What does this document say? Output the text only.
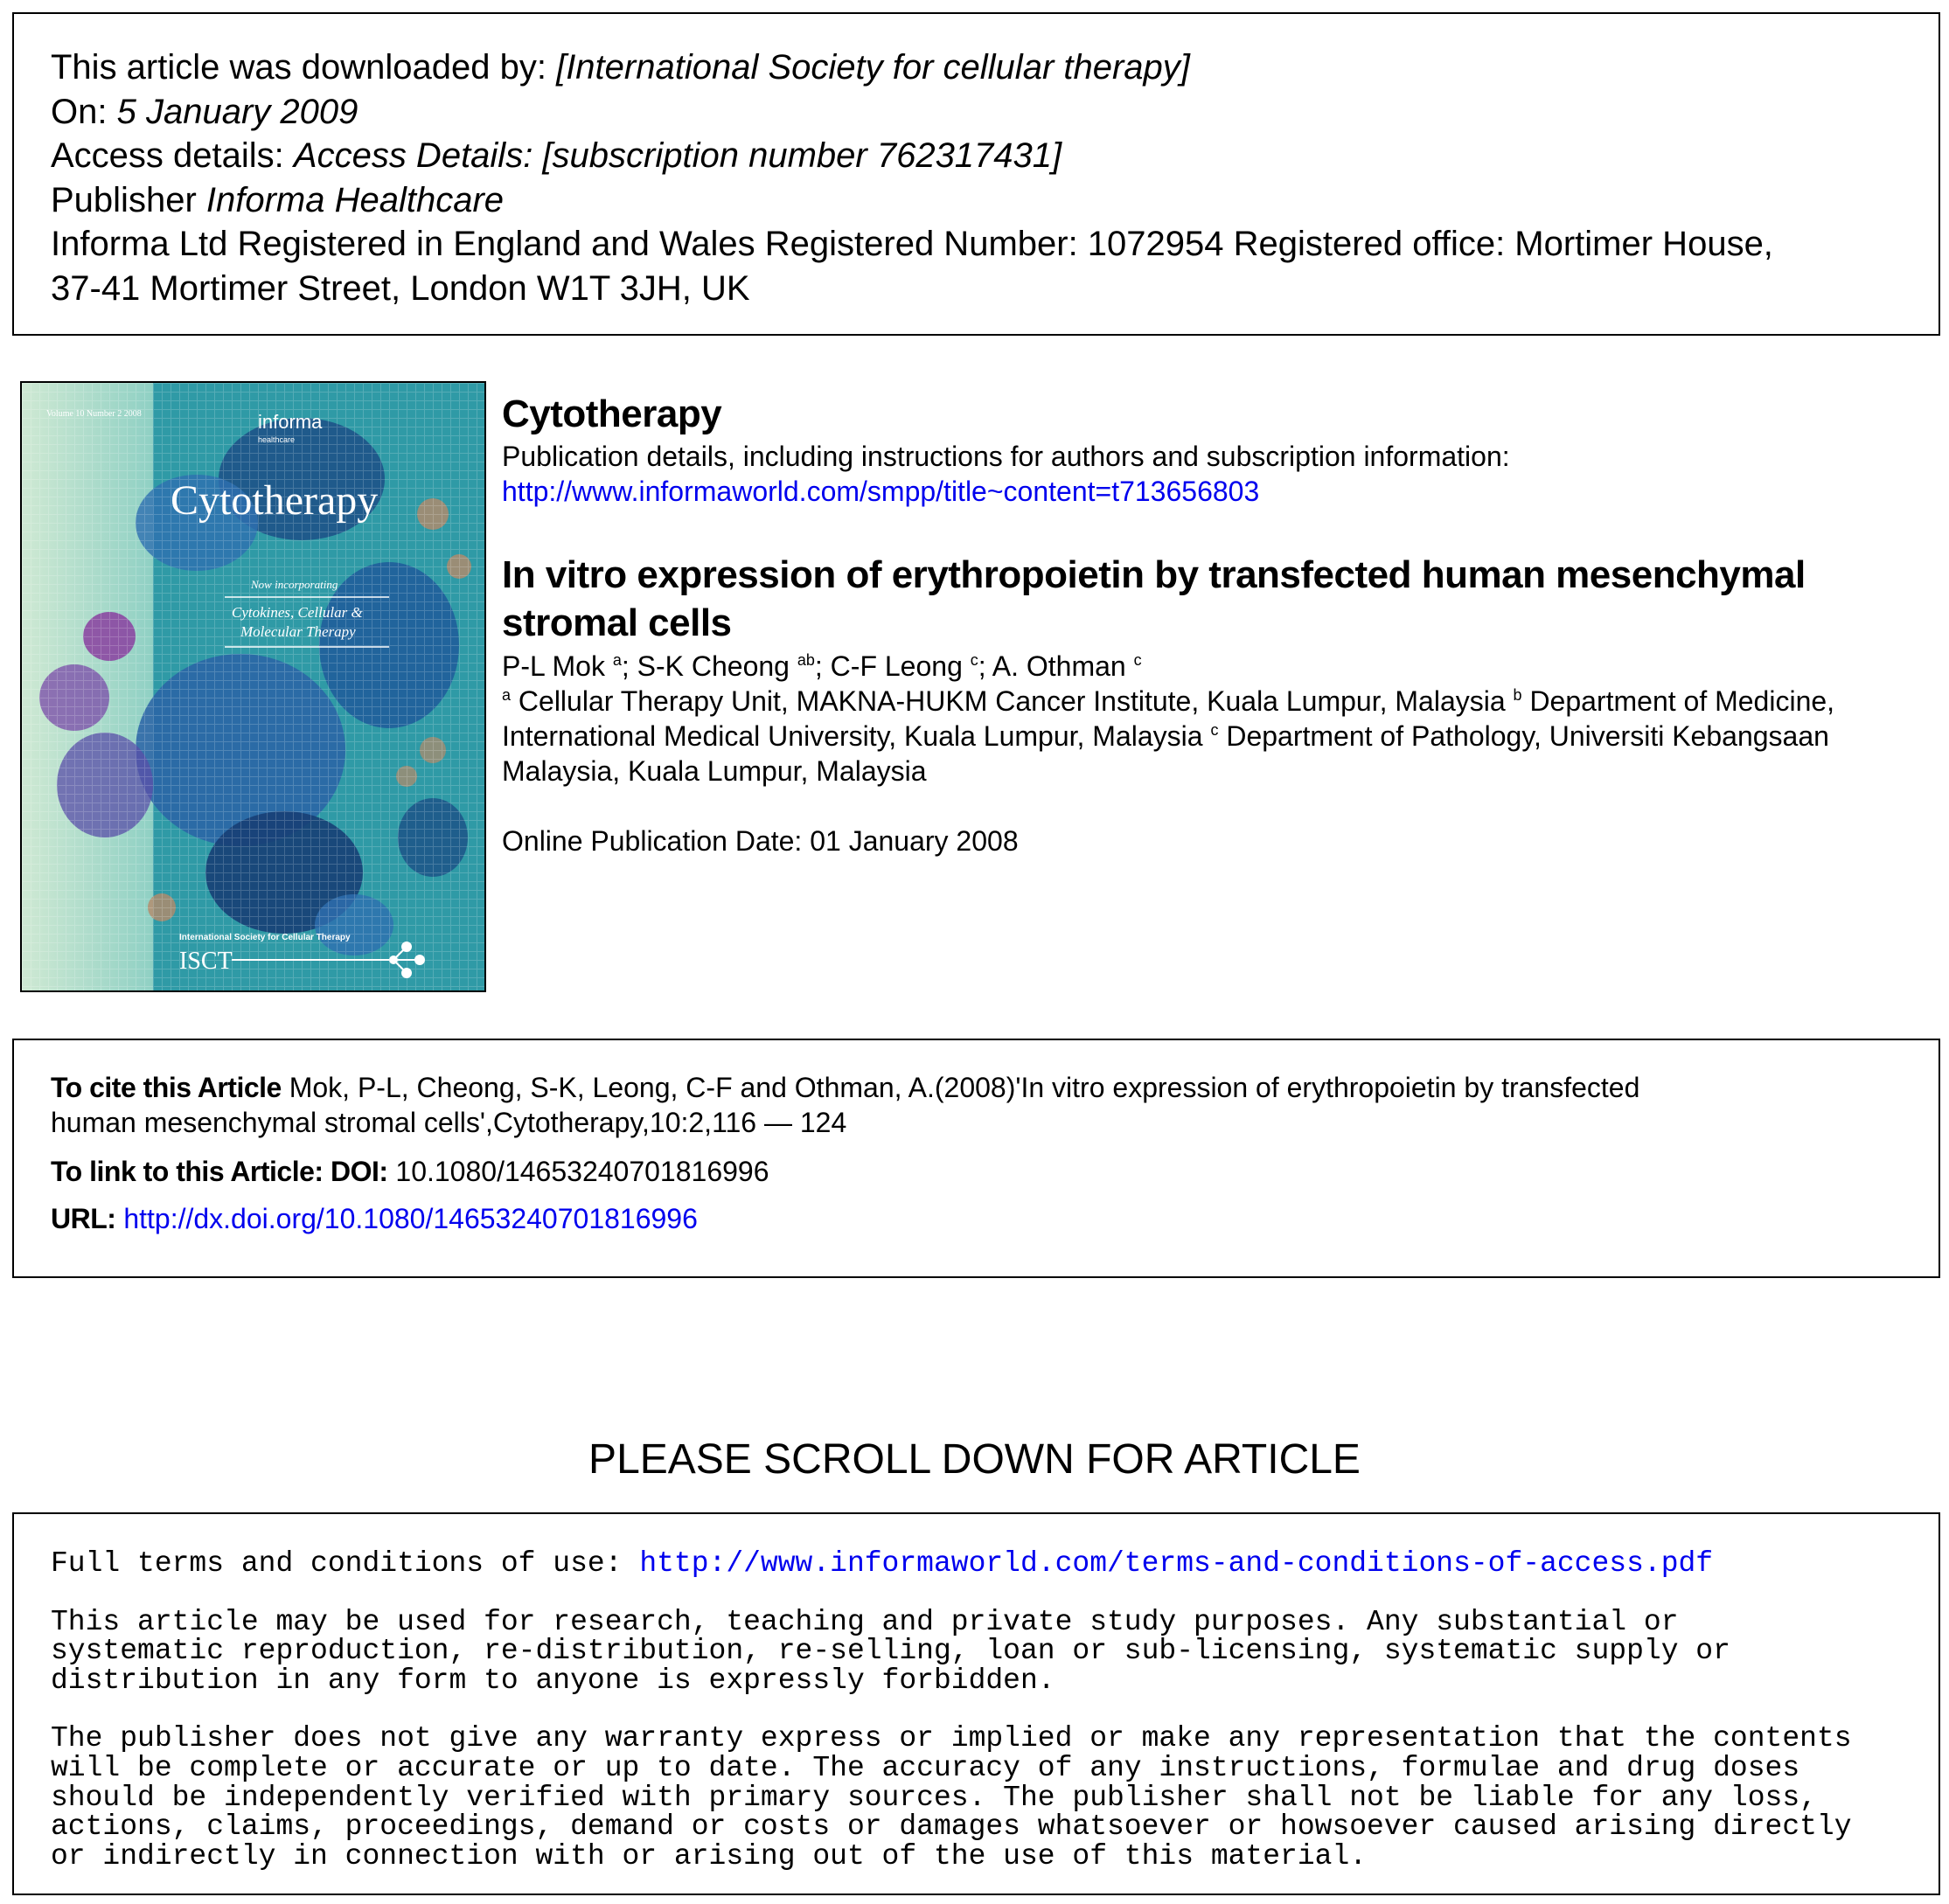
This article was downloaded by: [International Society for cellular therapy]
On: 5 January 2009
Access details: Access Details: [subscription number 762317431]
Publisher Informa Healthcare
Informa Ltd Registered in England and Wales Registered Number: 1072954 Registered office: Mortimer House,
37-41 Mortimer Street, London W1T 3JH, UK
Volume 10 Number 2 2008	informa
healthcare
Cytotherapy
Now incorporating
Cytokines, Cellular &
Molecular Therapy
International Society for Cellular Therapy
ISCT
Cytotherapy
Publication details, including instructions for authors and subscription information:
http://www.informaworld.com/smpp/title~content=t713656803
In vitro expression of erythropoietin by transfected human mesenchymal
stromal cells
P-L Mok $^a$; S-K Cheong $^{ab}$; C-F Leong $^c$; A. Othman $^c$
$^a$ Cellular Therapy Unit, MAKNA-HUKM Cancer Institute, Kuala Lumpur, Malaysia $^b$ Department of Medicine,
International Medical University, Kuala Lumpur, Malaysia $^c$ Department of Pathology, Universiti Kebangsaan
Malaysia, Kuala Lumpur, Malaysia
Online Publication Date: 01 January 2008
To cite this Article Mok, P-L, Cheong, S-K, Leong, C-F and Othman, A.(2008)'In vitro expression of erythropoietin by transfected
human mesenchymal stromal cells',Cytotherapy,10:2,116 — 124
To link to this Article: DOI: 10.1080/14653240701816996
URL: http://dx.doi.org/10.1080/14653240701816996
PLEASE SCROLL DOWN FOR ARTICLE
Full terms and conditions of use: http://www.informaworld.com/terms-and-conditions-of-access.pdf
This article may be used for research, teaching and private study purposes. Any substantial or
systematic reproduction, re-distribution, re-selling, loan or sub-licensing, systematic supply or
distribution in any form to anyone is expressly forbidden.
The publisher does not give any warranty express or implied or make any representation that the contents
will be complete or accurate or up to date. The accuracy of any instructions, formulae and drug doses
should be independently verified with primary sources. The publisher shall not be liable for any loss,
actions, claims, proceedings, demand or costs or damages whatsoever or howsoever caused arising directly
or indirectly in connection with or arising out of the use of this material.
